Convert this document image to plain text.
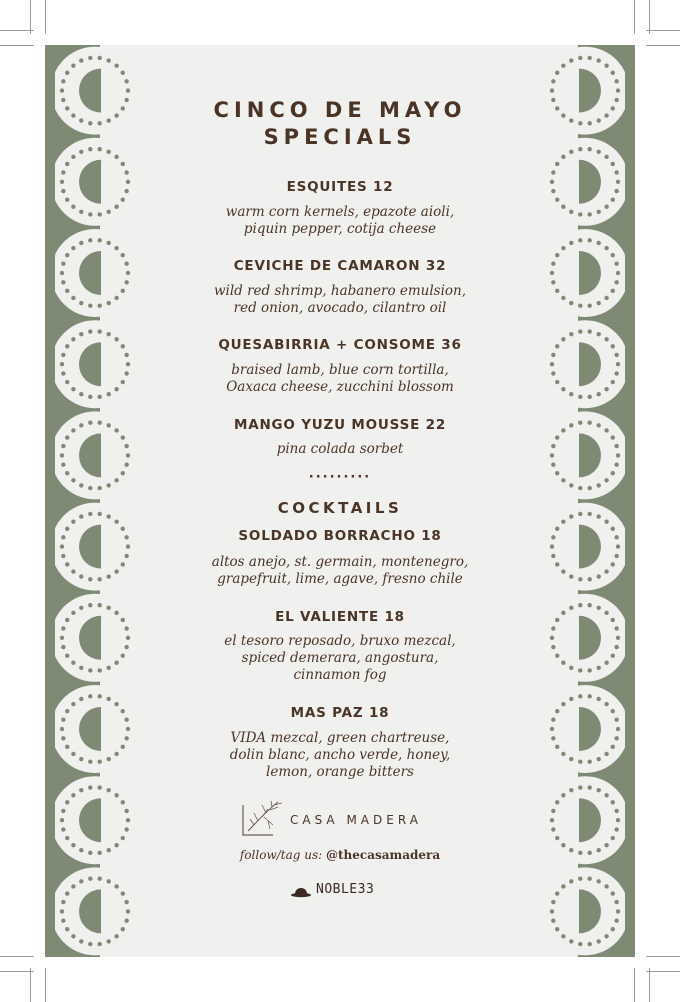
CINCO DE MAYO
SPECIALS
ESQUITES 12
warm corn kernels, epazote aioli,
piquin pepper, cotija cheese
CEVICHE DE CAMARON 32
wild red shrimp, habanero emulsion,
red onion, avocado, cilantro oil
QUESABIRRIA + CONSOME 36
braised lamb, blue corn tortilla,
Oaxaca cheese, zucchini blossom
MANGO YUZU MOUSSE 22
pina colada sorbet
·········
COCKTAILS
SOLDADO BORRACHO 18
altos anejo, st. germain, montenegro,
grapefruit, lime, agave, fresno chile
EL VALIENTE 18
el tesoro reposado, bruxo mezcal,
spiced demerara, angostura,
cinnamon fog
MAS PAZ 18
VIDA mezcal, green chartreuse,
dolin blanc, ancho verde, honey,
lemon, orange bitters
CASA MADERA
follow/tag us: @thecasamadera
NOBLE33
